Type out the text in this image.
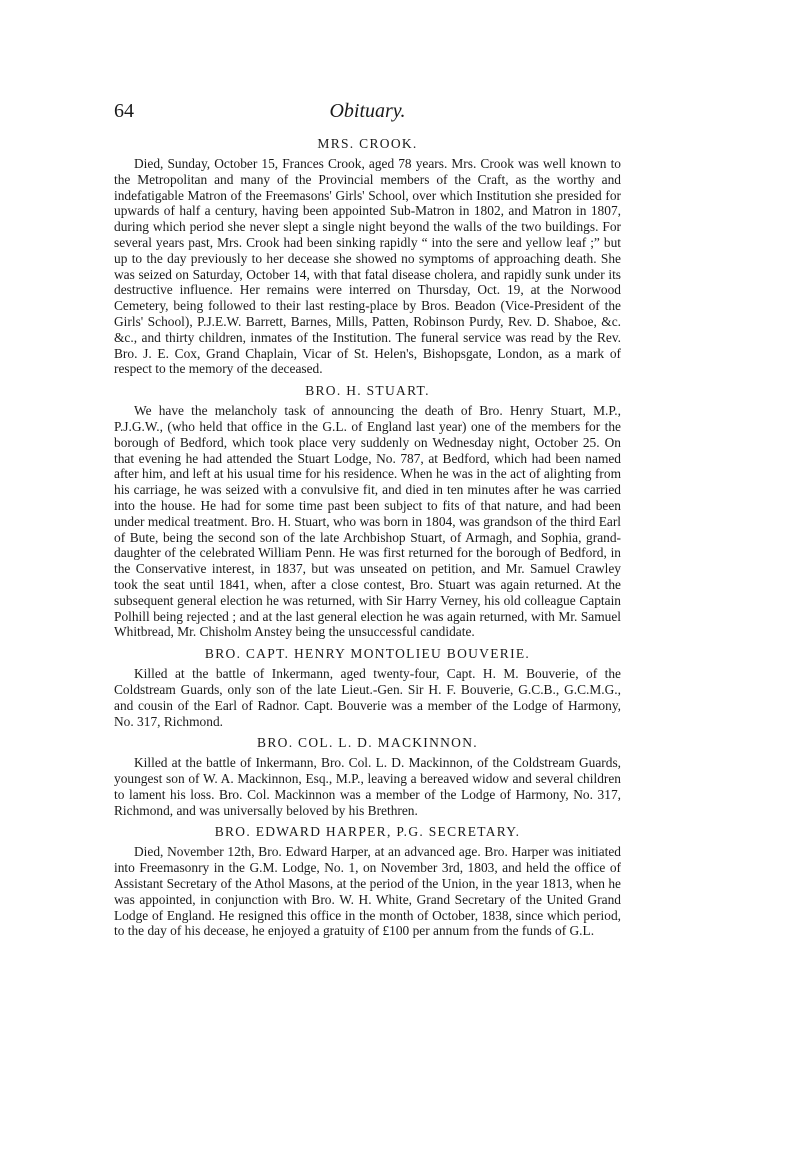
64	Obituary.
MRS. CROOK.

Died, Sunday, October 15, Frances Crook, aged 78 years. Mrs. Crook was well known to the Metropolitan and many of the Provincial members of the Craft, as the worthy and indefatigable Matron of the Freemasons' Girls' School, over which Institution she presided for upwards of half a century, having been appointed Sub-Matron in 1802, and Matron in 1807, during which period she never slept a single night beyond the walls of the two buildings. For several years past, Mrs. Crook had been sinking rapidly “ into the sere and yellow leaf ;” but up to the day previously to her decease she showed no symptoms of approaching death. She was seized on Saturday, October 14, with that fatal disease cholera, and rapidly sunk under its destructive influence. Her remains were interred on Thursday, Oct. 19, at the Norwood Cemetery, being followed to their last resting-place by Bros. Beadon (Vice-President of the Girls' School), P.J.E.W. Barrett, Barnes, Mills, Patten, Robinson Purdy, Rev. D. Shaboe, &c. &c., and thirty children, inmates of the Institution. The funeral service was read by the Rev. Bro. J. E. Cox, Grand Chaplain, Vicar of St. Helen's, Bishopsgate, London, as a mark of respect to the memory of the deceased.

BRO. H. STUART.

We have the melancholy task of announcing the death of Bro. Henry Stuart, M.P., P.J.G.W., (who held that office in the G.L. of England last year) one of the members for the borough of Bedford, which took place very suddenly on Wednesday night, October 25. On that evening he had attended the Stuart Lodge, No. 787, at Bedford, which had been named after him, and left at his usual time for his residence. When he was in the act of alighting from his carriage, he was seized with a convulsive fit, and died in ten minutes after he was carried into the house. He had for some time past been subject to fits of that nature, and had been under medical treatment. Bro. H. Stuart, who was born in 1804, was grandson of the third Earl of Bute, being the second son of the late Archbishop Stuart, of Armagh, and Sophia, grand-daughter of the celebrated William Penn. He was first returned for the borough of Bedford, in the Conservative interest, in 1837, but was unseated on petition, and Mr. Samuel Crawley took the seat until 1841, when, after a close contest, Bro. Stuart was again returned. At the subsequent general election he was returned, with Sir Harry Verney, his old colleague Captain Polhill being rejected ; and at the last general election he was again returned, with Mr. Samuel Whitbread, Mr. Chisholm Anstey being the unsuccessful candidate.

BRO. CAPT. HENRY MONTOLIEU BOUVERIE.

Killed at the battle of Inkermann, aged twenty-four, Capt. H. M. Bouverie, of the Coldstream Guards, only son of the late Lieut.-Gen. Sir H. F. Bouverie, G.C.B., G.C.M.G., and cousin of the Earl of Radnor. Capt. Bouverie was a member of the Lodge of Harmony, No. 317, Richmond.

BRO. COL. L. D. MACKINNON.

Killed at the battle of Inkermann, Bro. Col. L. D. Mackinnon, of the Coldstream Guards, youngest son of W. A. Mackinnon, Esq., M.P., leaving a bereaved widow and several children to lament his loss. Bro. Col. Mackinnon was a member of the Lodge of Harmony, No. 317, Richmond, and was universally beloved by his Brethren.

BRO. EDWARD HARPER, P.G. SECRETARY.

Died, November 12th, Bro. Edward Harper, at an advanced age. Bro. Harper was initiated into Freemasonry in the G.M. Lodge, No. 1, on November 3rd, 1803, and held the office of Assistant Secretary of the Athol Masons, at the period of the Union, in the year 1813, when he was appointed, in conjunction with Bro. W. H. White, Grand Secretary of the United Grand Lodge of England. He resigned this office in the month of October, 1838, since which period, to the day of his decease, he enjoyed a gratuity of £100 per annum from the funds of G.L.
